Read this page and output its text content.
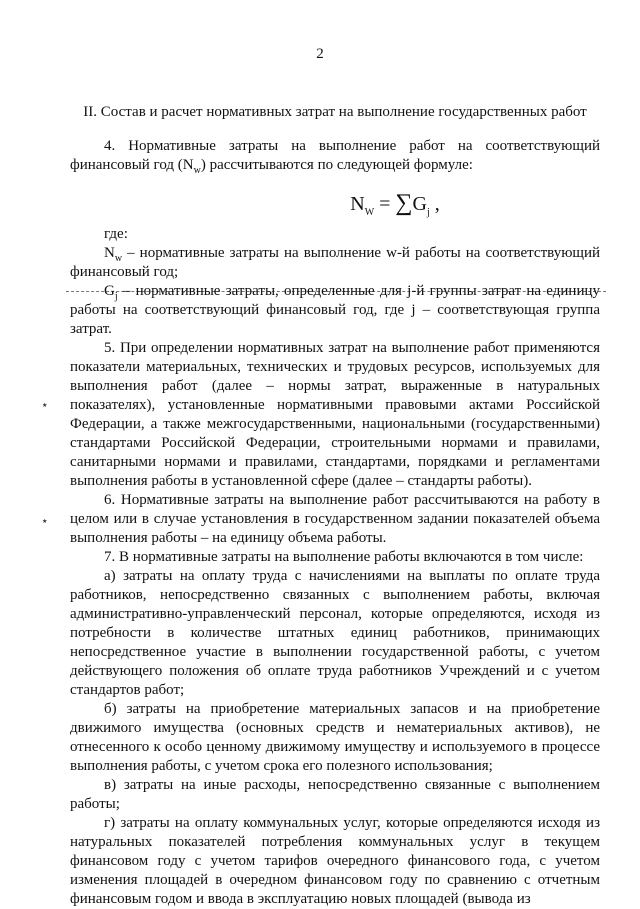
2
II. Состав и расчет нормативных затрат на выполнение государственных работ
٭
٭

4. Нормативные затраты на выполнение работ на соответствующий финансовый год $(N_w)$ рассчитываются по следующей формуле:

$N_W = \sum G_j$ ,

где:

$N_w$ – нормативные затраты на выполнение w-й работы на соответствующий финансовый год;

$G_j$ – нормативные затраты, определенные для j-й группы затрат на единицу работы на соответствующий финансовый год, где j – соответствующая группа затрат.

5. При определении нормативных затрат на выполнение работ применяются показатели материальных, технических и трудовых ресурсов, используемых для выполнения работ (далее – нормы затрат, выраженные в натуральных показателях), установленные нормативными правовыми актами Российской Федерации, а также межгосударственными, национальными (государственными) стандартами Российской Федерации, строительными нормами и правилами, санитарными нормами и правилами, стандартами, порядками и регламентами выполнения работы в установленной сфере (далее – стандарты работы).

6. Нормативные затраты на выполнение работ рассчитываются на работу в целом или в случае установления в государственном задании показателей объема выполнения работы – на единицу объема работы.

7. В нормативные затраты на выполнение работы включаются в том числе:

а) затраты на оплату труда с начислениями на выплаты по оплате труда работников, непосредственно связанных с выполнением работы, включая административно-управленческий персонал, которые определяются, исходя из потребности в количестве штатных единиц работников, принимающих непосредственное участие в выполнении государственной работы, с учетом действующего положения об оплате труда работников Учреждений и с учетом стандартов работ;

б) затраты на приобретение материальных запасов и на приобретение движимого имущества (основных средств и нематериальных активов), не отнесенного к особо ценному движимому имуществу и используемого в процессе выполнения работы, с учетом срока его полезного использования;

в) затраты на иные расходы, непосредственно связанные с выполнением работы;

г) затраты на оплату коммунальных услуг, которые определяются исходя из натуральных показателей потребления коммунальных услуг в текущем финансовом году с учетом тарифов очередного финансового года, с учетом изменения площадей в очередном финансовом году по сравнению с отчетным финансовым годом и ввода в эксплуатацию новых площадей (вывода из
